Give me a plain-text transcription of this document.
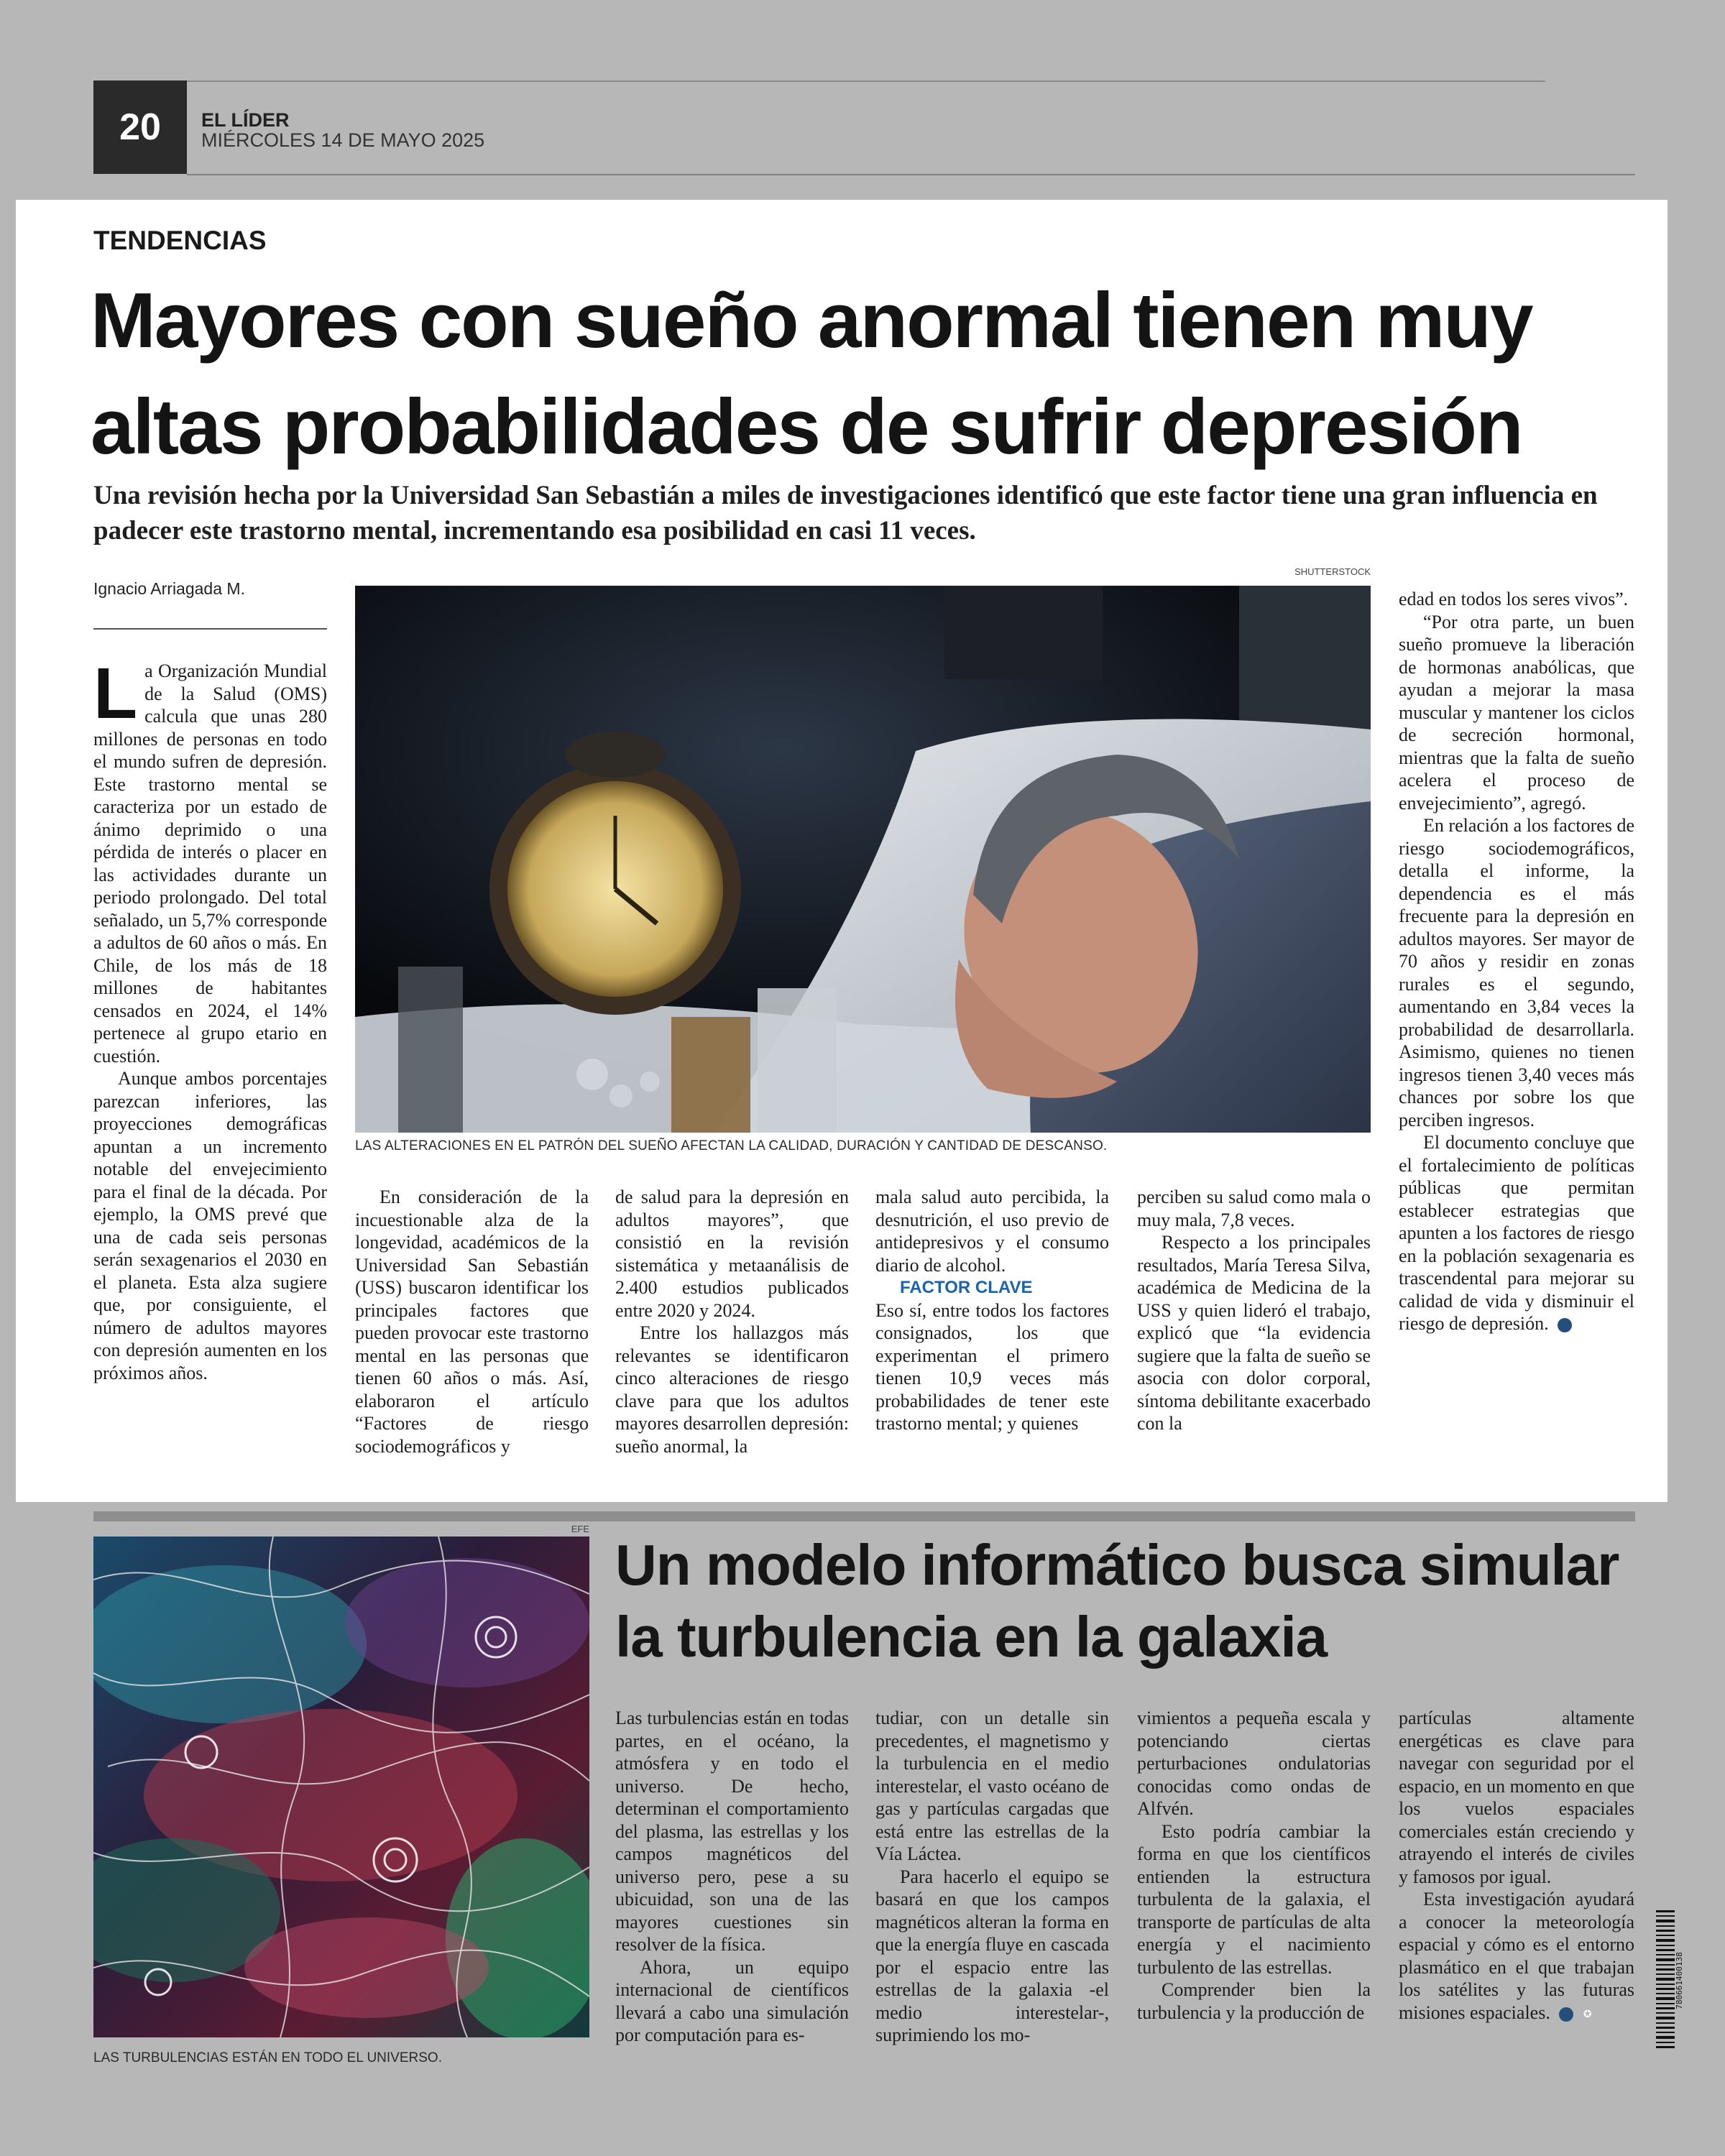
20	EL LÍDER
MIÉRCOLES 14 DE MAYO 2025
TENDENCIAS
Mayores con sueño anormal tienen muy altas probabilidades de sufrir depresión
Una revisión hecha por la Universidad San Sebastián a miles de investigaciones identificó que este factor tiene una gran influencia en padecer este trastorno mental, incrementando esa posibilidad en casi 11 veces.
Ignacio Arriagada M.
SHUTTERSTOCK

La Organización Mundial de la Salud (OMS) calcula que unas 280 millones de personas en todo el mundo sufren de depresión. Este trastorno mental se caracteriza por un estado de ánimo deprimido o una pérdida de interés o placer en las actividades durante un periodo prolongado. Del total señalado, un 5,7% corresponde a adultos de 60 años o más. En Chile, de los más de 18 millones de habitantes censados en 2024, el 14% pertenece al grupo etario en cuestión.

Aunque ambos porcentajes parezcan inferiores, las proyecciones demográficas apuntan a un incremento notable del envejecimiento para el final de la década. Por ejemplo, la OMS prevé que una de cada seis personas serán sexagenarios el 2030 en el planeta. Esta alza sugiere que, por consiguiente, el número de adultos mayores con depresión aumenten en los próximos años.

LAS ALTERACIONES EN EL PATRÓN DEL SUEÑO AFECTAN LA CALIDAD, DURACIÓN Y CANTIDAD DE DESCANSO.

En consideración de la incuestionable alza de la longevidad, académicos de la Universidad San Sebastián (USS) buscaron identificar los principales factores que pueden provocar este trastorno mental en las personas que tienen 60 años o más. Así, elaboraron el artículo “Factores de riesgo sociodemográficos y

de salud para la depresión en adultos mayores”, que consistió en la revisión sistemática y metaanálisis de 2.400 estudios publicados entre 2020 y 2024.

Entre los hallazgos más relevantes se identificaron cinco alteraciones de riesgo clave para que los adultos mayores desarrollen depresión: sueño anormal, la

mala salud auto percibida, la desnutrición, el uso previo de antidepresivos y el consumo diario de alcohol.

FACTOR CLAVE

Eso sí, entre todos los factores consignados, los que experimentan el primero tienen 10,9 veces más probabilidades de tener este trastorno mental; y quienes

perciben su salud como mala o muy mala, 7,8 veces.

Respecto a los principales resultados, María Teresa Silva, académica de Medicina de la USS y quien lideró el trabajo, explicó que “la evidencia sugiere que la falta de sueño se asocia con dolor corporal, síntoma debilitante exacerbado con la

edad en todos los seres vivos”.

“Por otra parte, un buen sueño promueve la liberación de hormonas anabólicas, que ayudan a mejorar la masa muscular y mantener los ciclos de secreción hormonal, mientras que la falta de sueño acelera el proceso de envejecimiento”, agregó.

En relación a los factores de riesgo sociodemográficos, detalla el informe, la dependencia es el más frecuente para la depresión en adultos mayores. Ser mayor de 70 años y residir en zonas rurales es el segundo, aumentando en 3,84 veces la probabilidad de desarrollarla. Asimismo, quienes no tienen ingresos tienen 3,40 veces más chances por sobre los que perciben ingresos.

El documento concluye que el fortalecimiento de políticas públicas que permitan establecer estrategias que apunten a los factores de riesgo en la población sexagenaria es trascendental para mejorar su calidad de vida y disminuir el riesgo de depresión.	✪

EFE
LAS TURBULENCIAS ESTÁN EN TODO EL UNIVERSO.
Un modelo informático busca simular la turbulencia en la galaxia

Las turbulencias están en todas partes, en el océano, la atmósfera y en todo el universo. De hecho, determinan el comportamiento del plasma, las estrellas y los campos magnéticos del universo pero, pese a su ubicuidad, son una de las mayores cuestiones sin resolver de la física.

Ahora, un equipo internacional de científicos llevará a cabo una simulación por computación para es-

tudiar, con un detalle sin precedentes, el magnetismo y la turbulencia en el medio interestelar, el vasto océano de gas y partículas cargadas que está entre las estrellas de la Vía Láctea.

Para hacerlo el equipo se basará en que los campos magnéticos alteran la forma en que la energía fluye en cascada por el espacio entre las estrellas de la galaxia -el medio interestelar-, suprimiendo los mo-

vimientos a pequeña escala y potenciando ciertas perturbaciones ondulatorias conocidas como ondas de Alfvén.

Esto podría cambiar la forma en que los científicos entienden la estructura turbulenta de la galaxia, el transporte de partículas de alta energía y el nacimiento turbulento de las estrellas.

Comprender bien la turbulencia y la producción de

partículas altamente energéticas es clave para navegar con seguridad por el espacio, en un momento en que los vuelos espaciales comerciales están creciendo y atrayendo el interés de civiles y famosos por igual.

Esta investigación ayudará a conocer la meteorología espacial y cómo es el entorno plasmático en el que trabajan los satélites y las futuras misiones espaciales.	✪

780661400138
